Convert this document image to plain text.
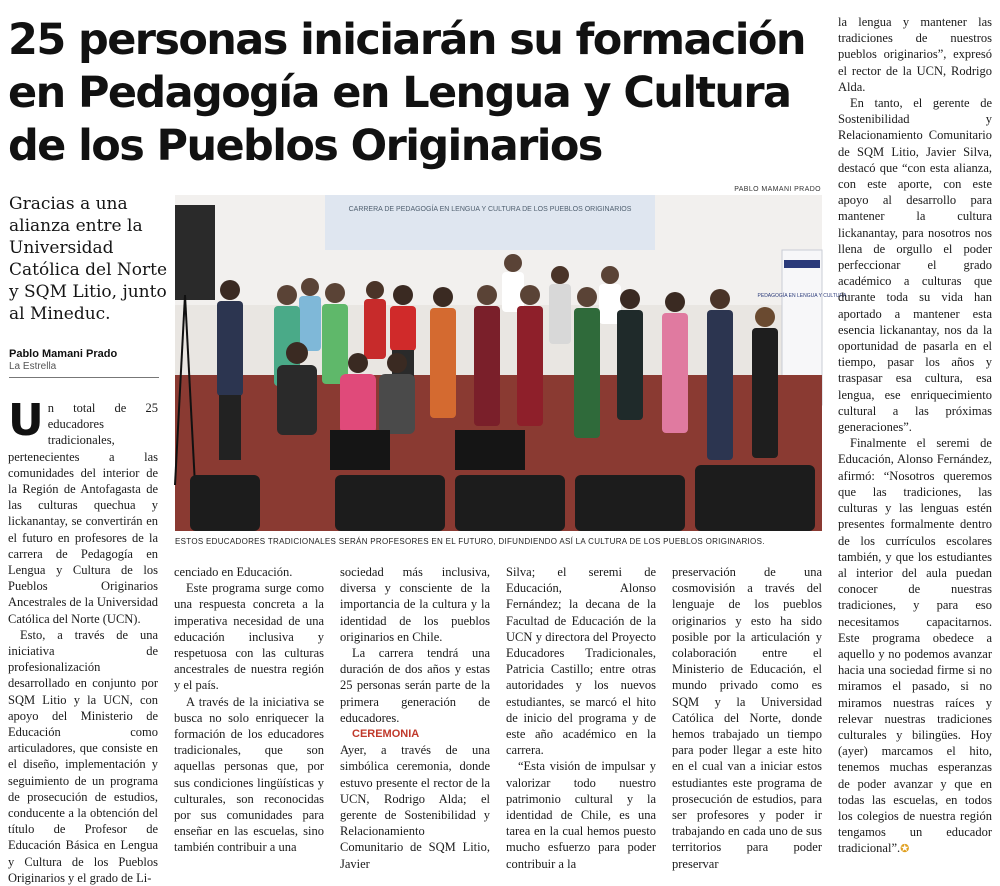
25 personas iniciarán su formación en Pedagogía en Lengua y Cultura de los Pueblos Originarios

Gracias a una alianza entre la Universidad Católica del Norte y SQM Litio, junto al Mineduc.

Pablo Mamani Prado
La Estrella
PABLO MAMANI PRADO
CARRERA DE PEDAGOGÍA EN LENGUA Y CULTURA DE LOS PUEBLOS ORIGINARIOS
PEDAGOGÍA EN LENGUA Y CULTURA
ESTOS EDUCADORES TRADICIONALES SERÁN PROFESORES EN EL FUTURO, DIFUNDIENDO ASÍ LA CULTURA DE LOS PUEBLOS ORIGINARIOS.

Un total de 25 educadores tradicionales, pertenecientes a las comunidades del interior de la Región de Antofagasta de las culturas quechua y lickanantay, se convertirán en el futuro en profesores de la carrera de Pedagogía en Lengua y Cultura de los Pueblos Originarios Ancestrales de la Universidad Católica del Norte (UCN).

Esto, a través de una iniciativa de profesionalización desarrollado en conjunto por SQM Litio y la UCN, con apoyo del Ministerio de Educación como articuladores, que consiste en el diseño, implementación y seguimiento de un programa de prosecución de estudios, conducente a la obtención del título de Profesor de Educación Básica en Lengua y Cultura de los Pueblos Originarios y el grado de Li-

cenciado en Educación.

Este programa surge como una respuesta concreta a la imperativa necesidad de una educación inclusiva y respetuosa con las culturas ancestrales de nuestra región y el país.

A través de la iniciativa se busca no solo enriquecer la formación de los educadores tradicionales, que son aquellas personas que, por sus condiciones lingüísticas y culturales, son reconocidas por sus comunidades para enseñar en las escuelas, sino también contribuir a una

sociedad más inclusiva, diversa y consciente de la importancia de la cultura y la identidad de los pueblos originarios en Chile.

La carrera tendrá una duración de dos años y estas 25 personas serán parte de la primera generación de educadores.

CEREMONIA

Ayer, a través de una simbólica ceremonia, donde estuvo presente el rector de la UCN, Rodrigo Alda; el gerente de Sostenibilidad y Relacionamiento Comunitario de SQM Litio, Javier

Silva; el seremi de Educación, Alonso Fernández; la decana de la Facultad de Educación de la UCN y directora del Proyecto Educadores Tradicionales, Patricia Castillo; entre otras autoridades y los nuevos estudiantes, se marcó el hito de inicio del programa y de este año académico en la carrera.

“Esta visión de impulsar y valorizar todo nuestro patrimonio cultural y la identidad de Chile, es una tarea en la cual hemos puesto mucho esfuerzo para poder contribuir a la

preservación de una cosmovisión a través del lenguaje de los pueblos originarios y esto ha sido posible por la articulación y colaboración entre el Ministerio de Educación, el mundo privado como es SQM y la Universidad Católica del Norte, donde hemos trabajado un tiempo para poder llegar a este hito en el cual van a iniciar estos estudiantes este programa de prosecución de estudios, para ser profesores y poder ir trabajando en cada uno de sus territorios para poder preservar

la lengua y mantener las tradiciones de nuestros pueblos originarios”, expresó el rector de la UCN, Rodrigo Alda.

En tanto, el gerente de Sostenibilidad y Relacionamiento Comunitario de SQM Litio, Javier Silva, destacó que “con esta alianza, con este aporte, con este apoyo al desarrollo para mantener la cultura lickanantay, para nosotros nos llena de orgullo el poder perfeccionar el grado académico a culturas que durante toda su vida han aportado a mantener esta esencia lickanantay, nos da la oportunidad de pasarla en el tiempo, pasar los años y traspasar esa cultura, esa lengua, ese enriquecimiento cultural a las próximas generaciones”.

Finalmente el seremi de Educación, Alonso Fernández, afirmó: “Nosotros queremos que las tradiciones, las culturas y las lenguas estén presentes formalmente dentro de los currículos escolares también, y que los estudiantes al interior del aula puedan conocer de nuestras tradiciones, y para eso necesitamos capacitarnos. Este programa obedece a aquello y no podemos avanzar hacia una sociedad firme si no miramos el pasado, si no miramos nuestras raíces y relevar nuestras tradiciones culturales y bilingües. Hoy (ayer) marcamos el hito, tenemos muchas esperanzas de poder avanzar y que en todas las escuelas, en todos los colegios de nuestra región tengamos un educador tradicional”.✪
